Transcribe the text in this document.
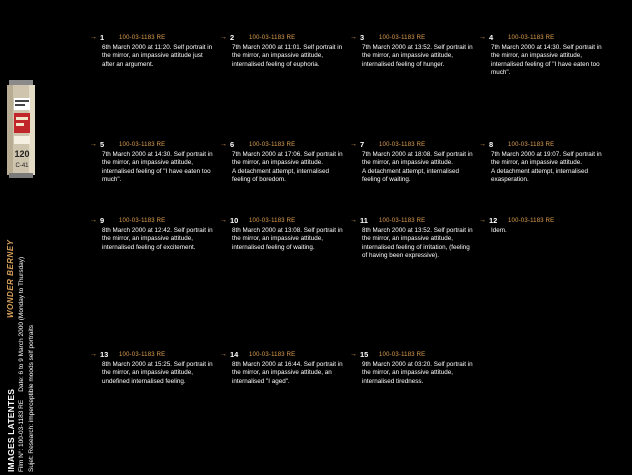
120
C-41
IMAGES LATENTES
WONDER BERNEY
Film N°: 100-03-1183 REDate: 6 to 9 March 2000 (Monday to Thursday)
Sujet: Research: imperceptible moods self portraits
→ 1 100-03-1183 RE

6th March 2000 at 11:20. Self portrait in the mirror, an impassive attitude just after an argument.

→ 2 100-03-1183 RE

7th March 2000 at 11:01. Self portrait in the mirror, an impassive attitude, internalised feeling of euphoria.

→ 3 100-03-1183 RE

7th March 2000 at 13:52. Self portrait in the mirror, an impassive attitude, internalised feeling of hunger.

→ 4 100-03-1183 RE

7th March 2000 at 14:30. Self portrait in the mirror, an impassive attitude, internalised feeling of "I have eaten too much".

→ 5 100-03-1183 RE

7th March 2000 at 14:30. Self portrait in the mirror, an impassive attitude, internalised feeling of "I have eaten too much".

→ 6 100-03-1183 RE

7th March 2000 at 17:06. Self portrait in the mirror, an impassive attitude.

A detachment attempt, internalised feeling of boredom.

→ 7 100-03-1183 RE

7th March 2000 at 18:08. Self portrait in the mirror, an impassive attitude.

A detachment attempt, internalised feeling of waiting.

→ 8 100-03-1183 RE

7th March 2000 at 19:07. Self portrait in the mirror, an impassive attitude.

A detachment attempt, internalised exasperation.

→ 9 100-03-1183 RE

8th March 2000 at 12:42. Self portrait in the mirror, an impassive attitude, internalised feeling of excitement.

→ 10 100-03-1183 RE

8th March 2000 at 13:08. Self portrait in the mirror, an impassive attitude, internalised feeling of waiting.

→ 11 100-03-1183 RE

8th March 2000 at 13:52. Self portrait in the mirror, an impassive attitude, internalised feeling of irritation, (feeling of having been expressive).

→ 12 100-03-1183 RE

Idem.

→ 13 100-03-1183 RE

8th March 2000 at 15:25. Self portrait in the mirror, an impassive attitude, undefined internalised feeling.

→ 14 100-03-1183 RE

8th March 2000 at 16:44. Self portrait in the mirror, an impassive attitude, an internalised "I aged".

→ 15 100-03-1183 RE

9th March 2000 at 03:20. Self portrait in the mirror, an impassive attitude, internalised tiredness.
